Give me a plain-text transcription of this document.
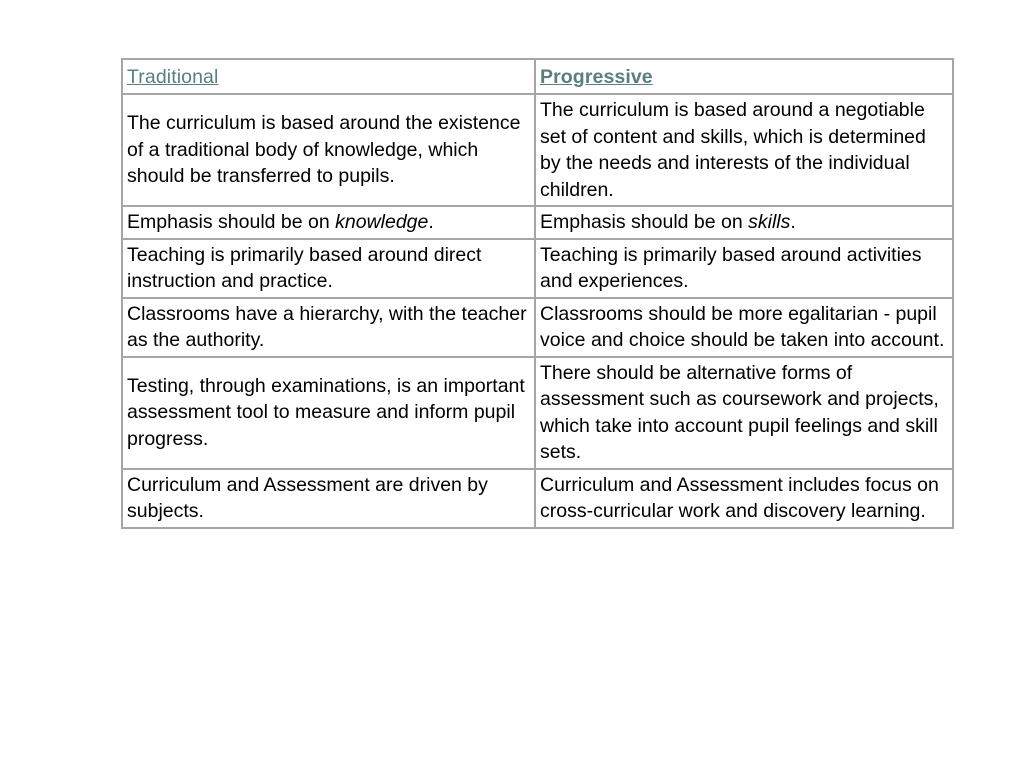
Traditional	Progressive
The curriculum is based around the existence of a traditional body of knowledge, which should be transferred to pupils.	The curriculum is based around a negotiable set of content and skills, which is determined by the needs and interests of the individual children.
Emphasis should be on knowledge.	Emphasis should be on skills.
Teaching is primarily based around direct instruction and practice.	Teaching is primarily based around activities and experiences.
Classrooms have a hierarchy, with the teacher as the authority.	Classrooms should be more egalitarian - pupil voice and choice should be taken into account.
Testing, through examinations, is an important assessment tool to measure and inform pupil progress.	There should be alternative forms of assessment such as coursework and projects, which take into account pupil feelings and skill sets.
Curriculum and Assessment are driven by subjects.	Curriculum and Assessment includes focus on cross-curricular work and discovery learning.
